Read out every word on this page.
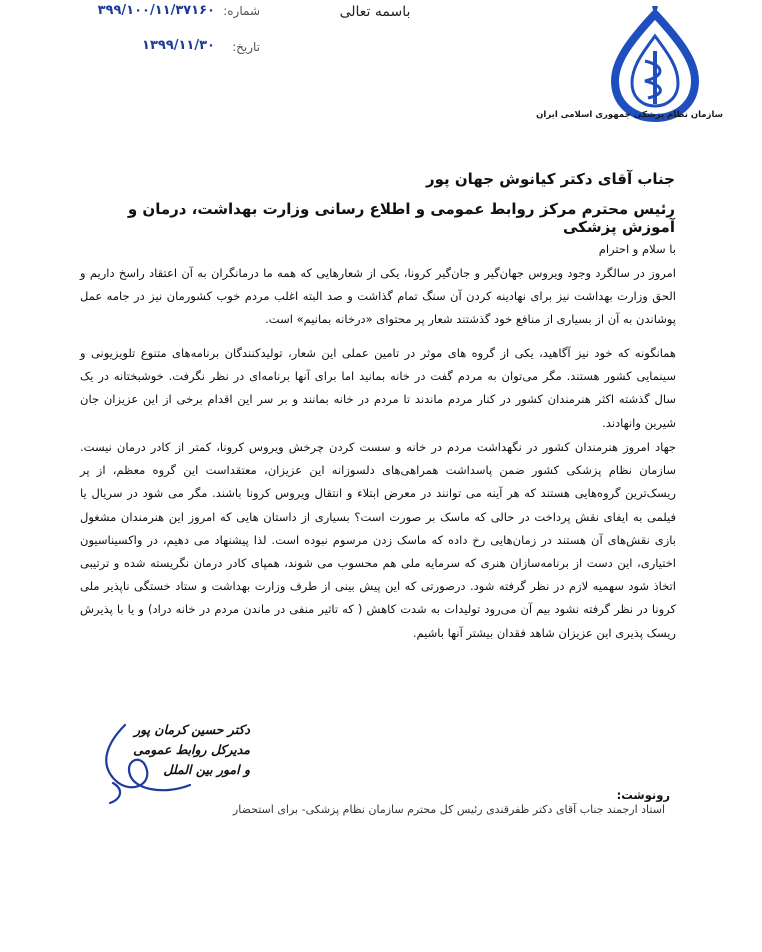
سازمان نظام پزشکی جمهوری اسلامی ایران
باسمه تعالی
شماره:
۳۹۹/۱۰۰/۱۱/۳۷۱۶۰
تاریخ:
۱۳۹۹/۱۱/۳۰
جناب آقای دکتر کیانوش جهان پور
رئیس محترم مرکز روابط عمومی و اطلاع رسانی وزارت بهداشت، درمان و آموزش پزشکی
با سلام و احترام
امروز در سالگرد وجود ویروس جهان‌گیر و جان‌گیر کرونا، یکی از شعارهایی که همه ما درمانگران به آن اعتقاد راسخ داریم و الحق وزارت بهداشت نیز برای نهادینه کردن آن سنگ تمام گذاشت و صد البته اغلب مردم خوب کشورمان نیز در جامه عمل پوشاندن به آن از بسیاری از منافع خود گذشتند شعار پر محتوای «درخانه بمانیم» است.
همانگونه که خود نیز آگاهید، یکی از گروه های موثر در تامین عملی این شعار، تولیدکنندگان برنامه‌های متنوع تلویزیونی و سینمایی کشور هستند. مگر می‌توان به مردم گفت در خانه بمانید اما برای آنها برنامه‌ای در نظر نگرفت. خوشبختانه در یک سال گذشته اکثر هنرمندان کشور در کنار مردم ماندند تا مردم در خانه بمانند و بر سر این اقدام برخی از این عزیزان جان شیرین وانهادند.
جهاد امروز هنرمندان کشور در نگهداشت مردم در خانه و سست کردن چرخش ویروس کرونا، کمتر از کادر درمان نیست. سازمان نظام پزشکی کشور ضمن پاسداشت همراهی‌های دلسوزانه این عزیزان، معتقداست این گروه معظم، از پر ریسک‌ترین گروه‌هایی هستند که هر آینه می توانند در معرض ابتلاء و انتقال ویروس کرونا باشند. مگر می شود در سریال یا فیلمی به ایفای نقش پرداخت در حالی که ماسک بر صورت است؟ بسیاری از داستان هایی که امروز این هنرمندان مشغول بازی نقش‌های آن هستند در زمان‌هایی رخ داده که ماسک زدن مرسوم نبوده است. لذا پیشنهاد می دهیم، در واکسیناسیون اختیاری، این دست از برنامه‌سازان هنری که سرمایه ملی هم محسوب می شوند، همپای کادر درمان نگریسته شده و ترتیبی اتخاذ شود سهمیه لازم در نظر گرفته شود. درصورتی که این پیش بینی از طرف وزارت بهداشت و ستاد خستگی ناپذیر ملی کرونا در نظر گرفته نشود بیم آن می‌رود تولیدات به شدت کاهش ( که تاثیر منفی در ماندن مردم در خانه دراد) و یا با پذیرش ریسک پذیری این عزیزان شاهد فقدان بیشتر آنها باشیم.
دکتر حسین کرمان پور
مدیرکل روابط عمومی
و امور بین الملل
رونوشت:
استاد ارجمند جناب آقای دکتر ظفرقندی رئیس کل محترم سازمان نظام پزشکی- برای استحضار
